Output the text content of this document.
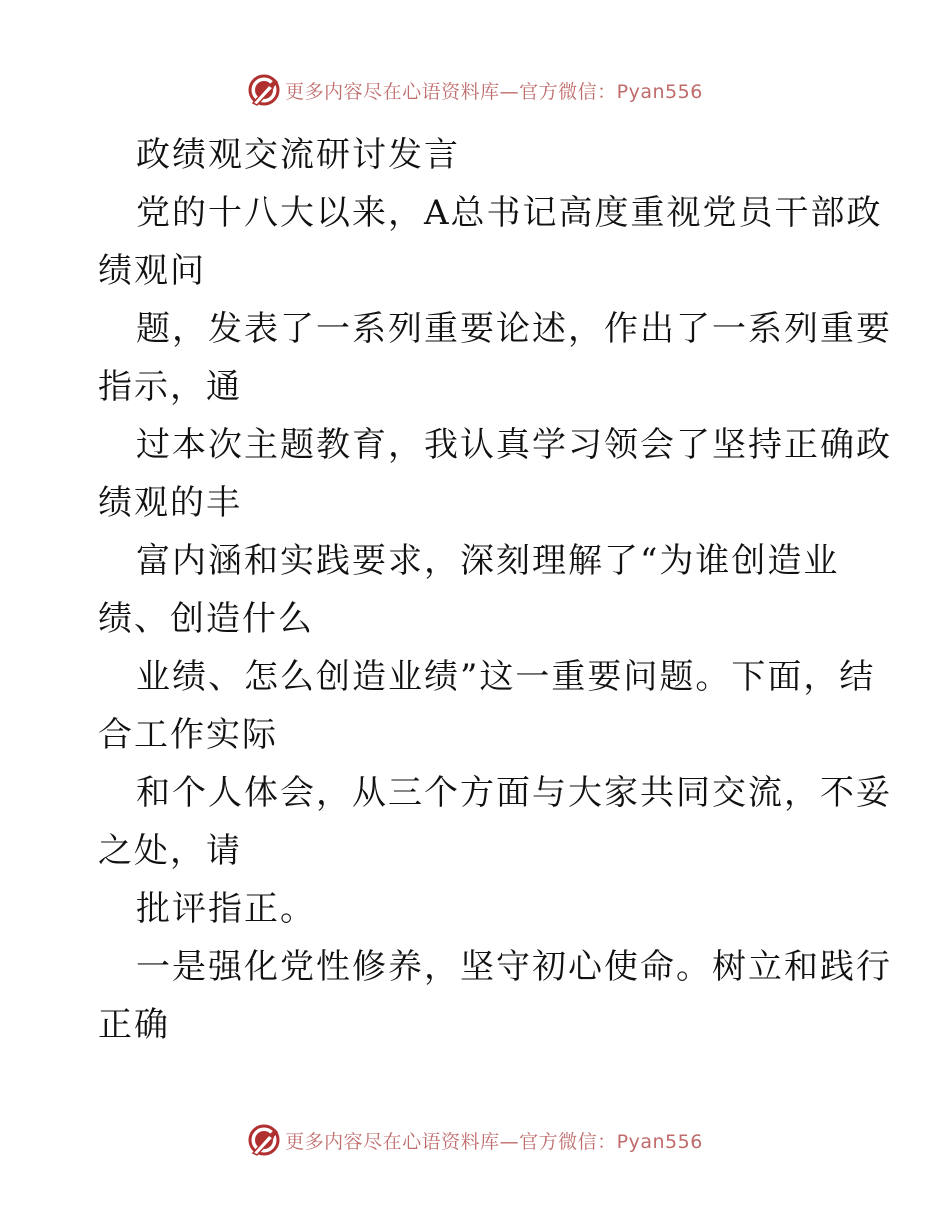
更多内容尽在心语资料库—官方微信：Pyan556
政绩观交流研讨发言
党的十八大以来，A总书记高度重视党员干部政
绩观问
题，发表了一系列重要论述，作出了一系列重要
指示，通
过本次主题教育，我认真学习领会了坚持正确政
绩观的丰
富内涵和实践要求，深刻理解了“为谁创造业
绩、创造什么
业绩、怎么创造业绩”这一重要问题。下面，结
合工作实际
和个人体会，从三个方面与大家共同交流，不妥
之处，请
批评指正。
一是强化党性修养，坚守初心使命。树立和践行
正确
更多内容尽在心语资料库—官方微信：Pyan556
